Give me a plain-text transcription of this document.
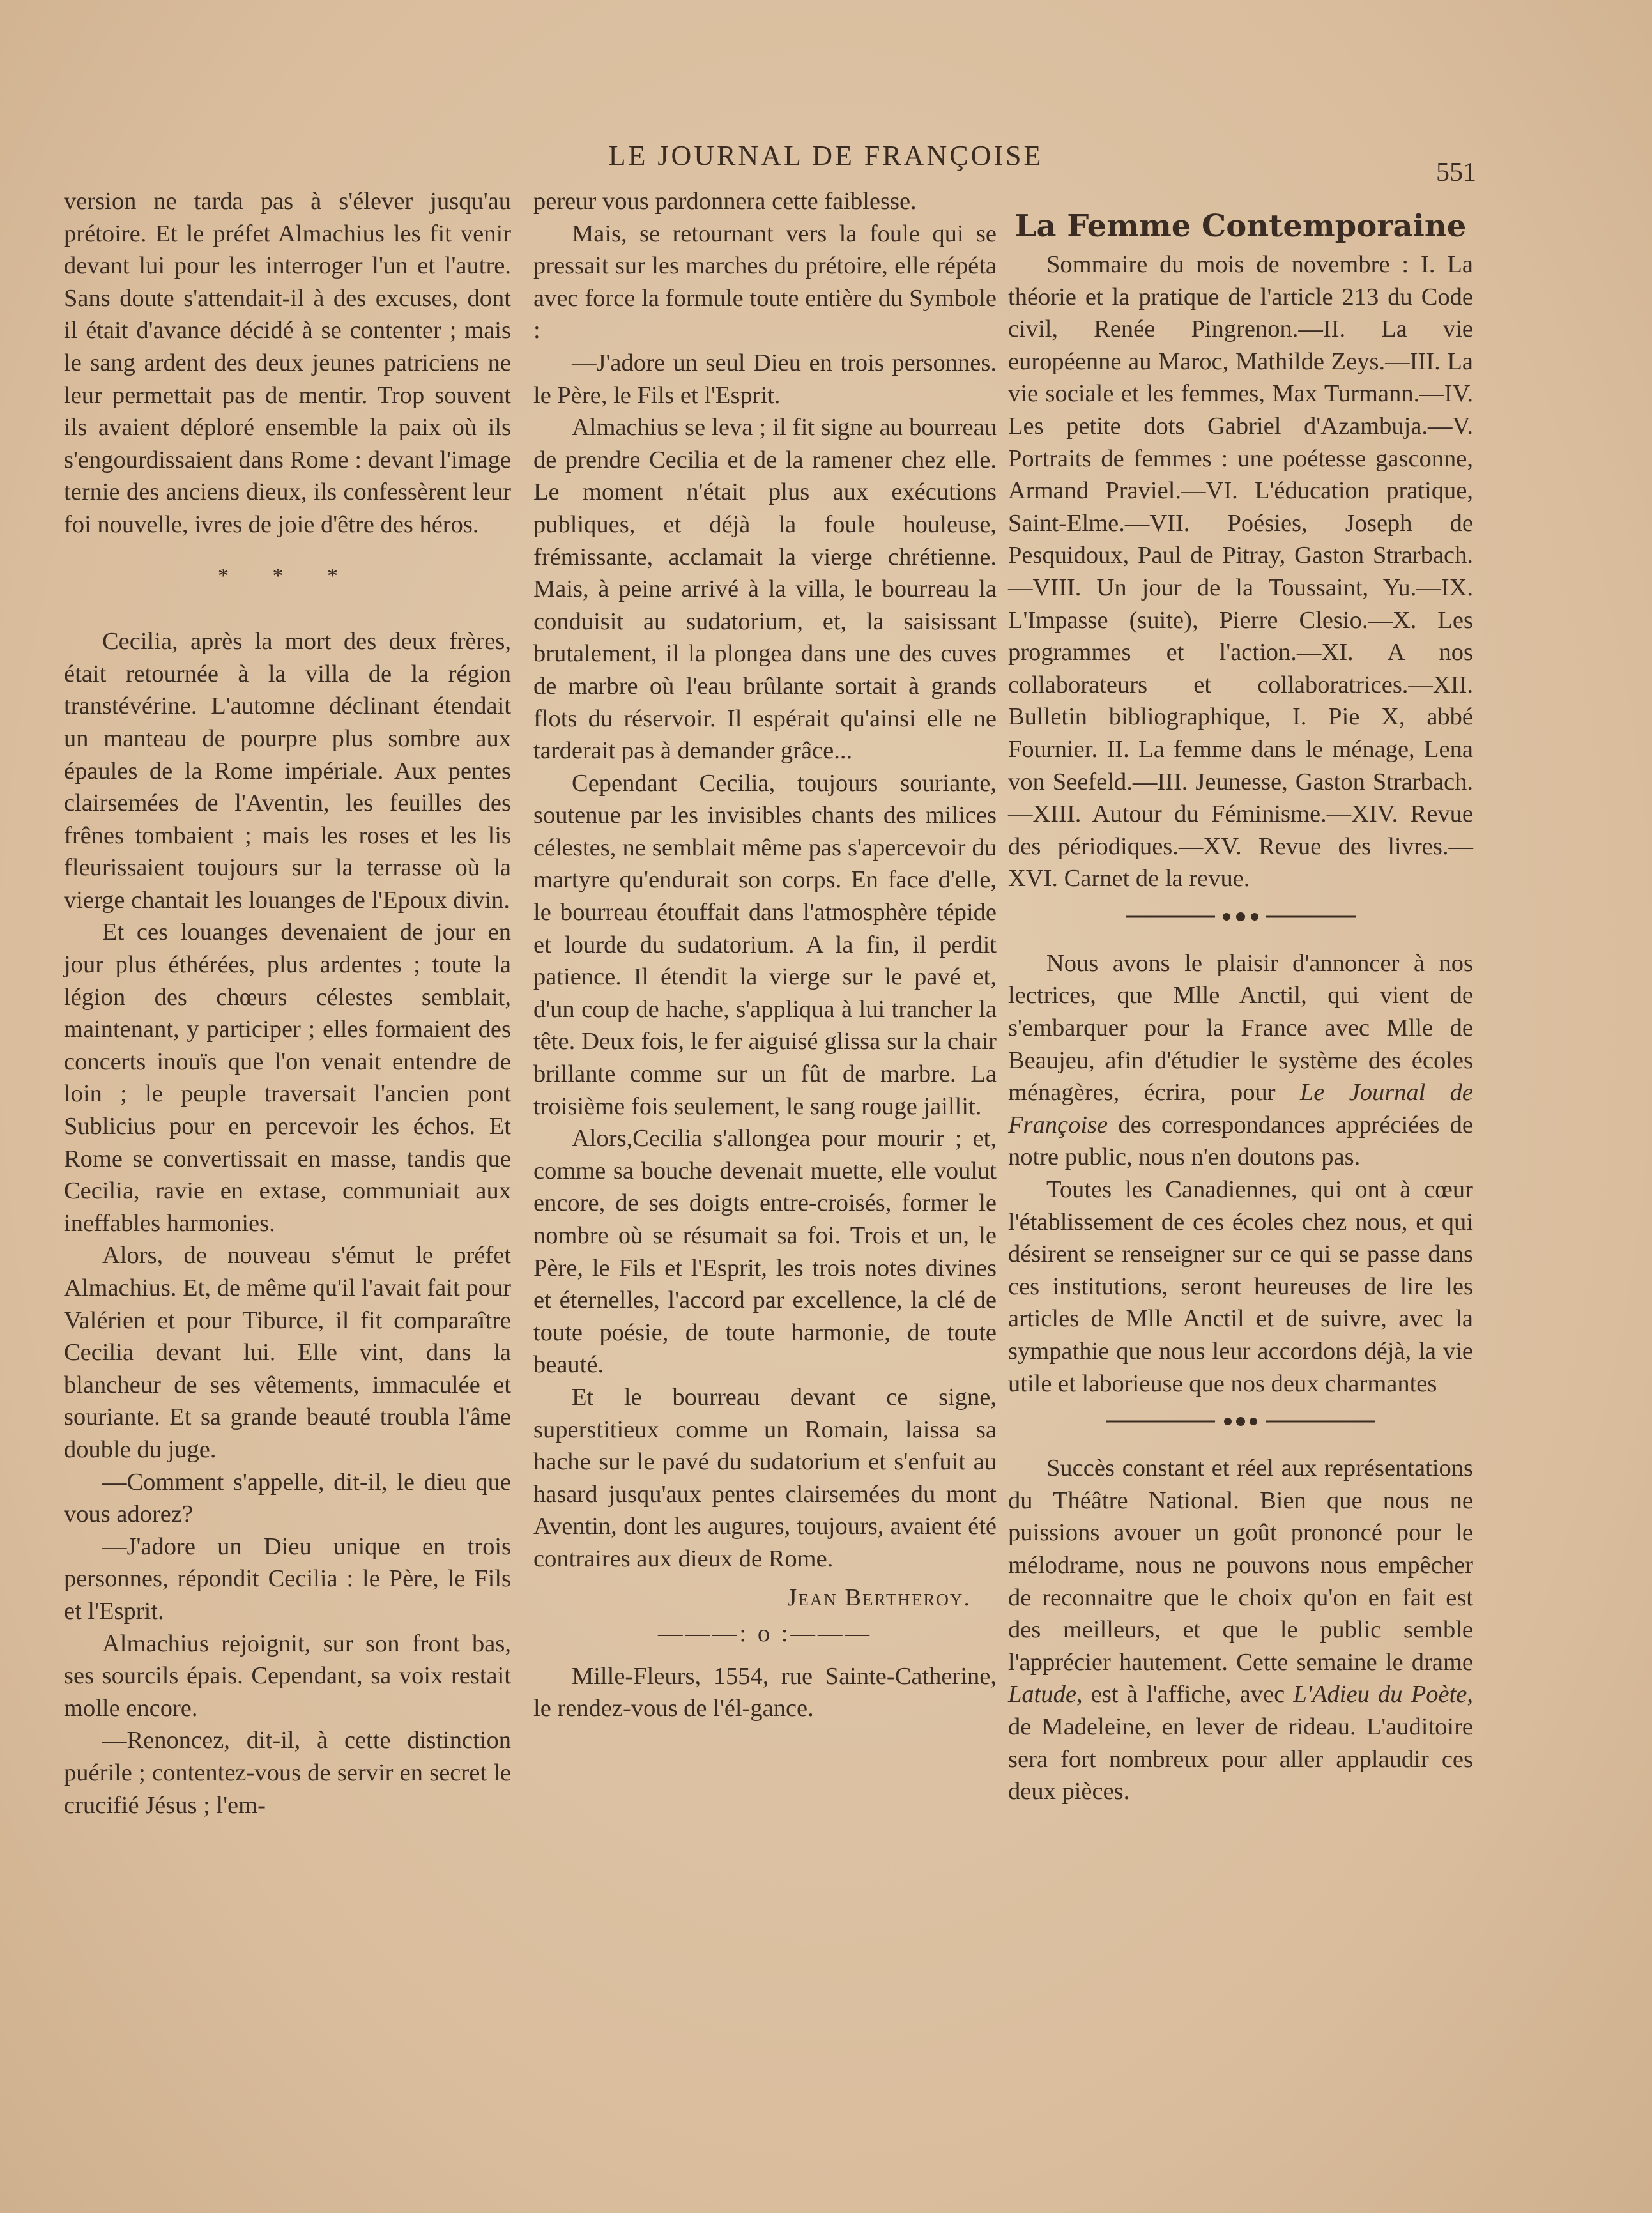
LE JOURNAL DE FRANÇOISE
551

version ne tarda pas à s'élever jusqu'au prétoire. Et le préfet Almachius les fit venir devant lui pour les interroger l'un et l'autre. Sans doute s'attendait-il à des excuses, dont il était d'avance décidé à se contenter ; mais le sang ardent des deux jeunes patriciens ne leur permettait pas de mentir. Trop souvent ils avaient déploré ensemble la paix où ils s'engourdissaient dans Rome : devant l'image ternie des anciens dieux, ils confessèrent leur foi nouvelle, ivres de joie d'être des héros.

* * *

Cecilia, après la mort des deux frères, était retournée à la villa de la région transtévérine. L'automne déclinant étendait un manteau de pourpre plus sombre aux épaules de la Rome impériale. Aux pentes clairsemées de l'Aventin, les feuilles des frênes tombaient ; mais les roses et les lis fleurissaient toujours sur la terrasse où la vierge chantait les louanges de l'Epoux divin.

Et ces louanges devenaient de jour en jour plus éthérées, plus ardentes ; toute la légion des chœurs célestes semblait, maintenant, y participer ; elles formaient des concerts inouïs que l'on venait entendre de loin ; le peuple traversait l'ancien pont Sublicius pour en percevoir les échos. Et Rome se convertissait en masse, tandis que Cecilia, ravie en extase, communiait aux ineffables harmonies.

Alors, de nouveau s'émut le préfet Almachius. Et, de même qu'il l'avait fait pour Valérien et pour Tiburce, il fit comparaître Cecilia devant lui. Elle vint, dans la blancheur de ses vêtements, immaculée et souriante. Et sa grande beauté troubla l'âme double du juge.

—Comment s'appelle, dit-il, le dieu que vous adorez?

—J'adore un Dieu unique en trois personnes, répondit Cecilia : le Père, le Fils et l'Esprit.

Almachius rejoignit, sur son front bas, ses sourcils épais. Cependant, sa voix restait molle encore.

—Renoncez, dit-il, à cette distinction puérile ; contentez-vous de servir en secret le crucifié Jésus ; l'em-

pereur vous pardonnera cette faiblesse.

Mais, se retournant vers la foule qui se pressait sur les marches du prétoire, elle répéta avec force la formule toute entière du Symbole :

—J'adore un seul Dieu en trois personnes. le Père, le Fils et l'Esprit.

Almachius se leva ; il fit signe au bourreau de prendre Cecilia et de la ramener chez elle. Le moment n'était plus aux exécutions publiques, et déjà la foule houleuse, frémissante, acclamait la vierge chrétienne. Mais, à peine arrivé à la villa, le bourreau la conduisit au sudatorium, et, la saisissant brutalement, il la plongea dans une des cuves de marbre où l'eau brûlante sortait à grands flots du réservoir. Il espérait qu'ainsi elle ne tarderait pas à demander grâce...

Cependant Cecilia, toujours souriante, soutenue par les invisibles chants des milices célestes, ne semblait même pas s'apercevoir du martyre qu'endurait son corps. En face d'elle, le bourreau étouffait dans l'atmosphère tépide et lourde du sudatorium. A la fin, il perdit patience. Il étendit la vierge sur le pavé et, d'un coup de hache, s'appliqua à lui trancher la tête. Deux fois, le fer aiguisé glissa sur la chair brillante comme sur un fût de marbre. La troisième fois seulement, le sang rouge jaillit.

Alors,Cecilia s'allongea pour mourir ; et, comme sa bouche devenait muette, elle voulut encore, de ses doigts entre-croisés, former le nombre où se résumait sa foi. Trois et un, le Père, le Fils et l'Esprit, les trois notes divines et éternelles, l'accord par excellence, la clé de toute poésie, de toute harmonie, de toute beauté.

Et le bourreau devant ce signe, superstitieux comme un Romain, laissa sa hache sur le pavé du sudatorium et s'enfuit au hasard jusqu'aux pentes clairsemées du mont Aventin, dont les augures, toujours, avaient été contraires aux dieux de Rome.

Jean Bertheroy.
———: o :———

Mille-Fleurs, 1554, rue Sainte-Catherine, le rendez-vous de l'él-gance.

La Femme Contemporaine

Sommaire du mois de novembre : I. La théorie et la pratique de l'article 213 du Code civil, Renée Pingrenon.—II. La vie européenne au Maroc, Mathilde Zeys.—III. La vie sociale et les femmes, Max Turmann.—IV. Les petite dots Gabriel d'Azambuja.—V. Portraits de femmes : une poétesse gasconne, Armand Praviel.—VI. L'éducation pratique, Saint-Elme.—VII. Poésies, Joseph de Pesquidoux, Paul de Pitray, Gaston Strarbach.—VIII. Un jour de la Toussaint, Yu.—IX. L'Impasse (suite), Pierre Clesio.—X. Les programmes et l'action.—XI. A nos collaborateurs et collaboratrices.—XII. Bulletin bibliographique, I. Pie X, abbé Fournier. II. La femme dans le ménage, Lena von Seefeld.—III. Jeunesse, Gaston Strarbach.—XIII. Autour du Féminisme.—XIV. Revue des périodiques.—XV. Revue des livres.—XVI. Carnet de la revue.

Nous avons le plaisir d'annoncer à nos lectrices, que Mlle Anctil, qui vient de s'embarquer pour la France avec Mlle de Beaujeu, afin d'étudier le système des écoles ménagères, écrira, pour Le Journal de Françoise des correspondances appréciées de notre public, nous n'en doutons pas.

Toutes les Canadiennes, qui ont à cœur l'établissement de ces écoles chez nous, et qui désirent se renseigner sur ce qui se passe dans ces institutions, seront heureuses de lire les articles de Mlle Anctil et de suivre, avec la sympathie que nous leur accordons déjà, la vie utile et laborieuse que nos deux charmantes

Succès constant et réel aux représentations du Théâtre National. Bien que nous ne puissions avouer un goût prononcé pour le mélodrame, nous ne pouvons nous empêcher de reconnaitre que le choix qu'on en fait est des meilleurs, et que le public semble l'apprécier hautement. Cette semaine le drame Latude, est à l'affiche, avec L'Adieu du Poète, de Madeleine, en lever de rideau. L'auditoire sera fort nombreux pour aller applaudir ces deux pièces.
